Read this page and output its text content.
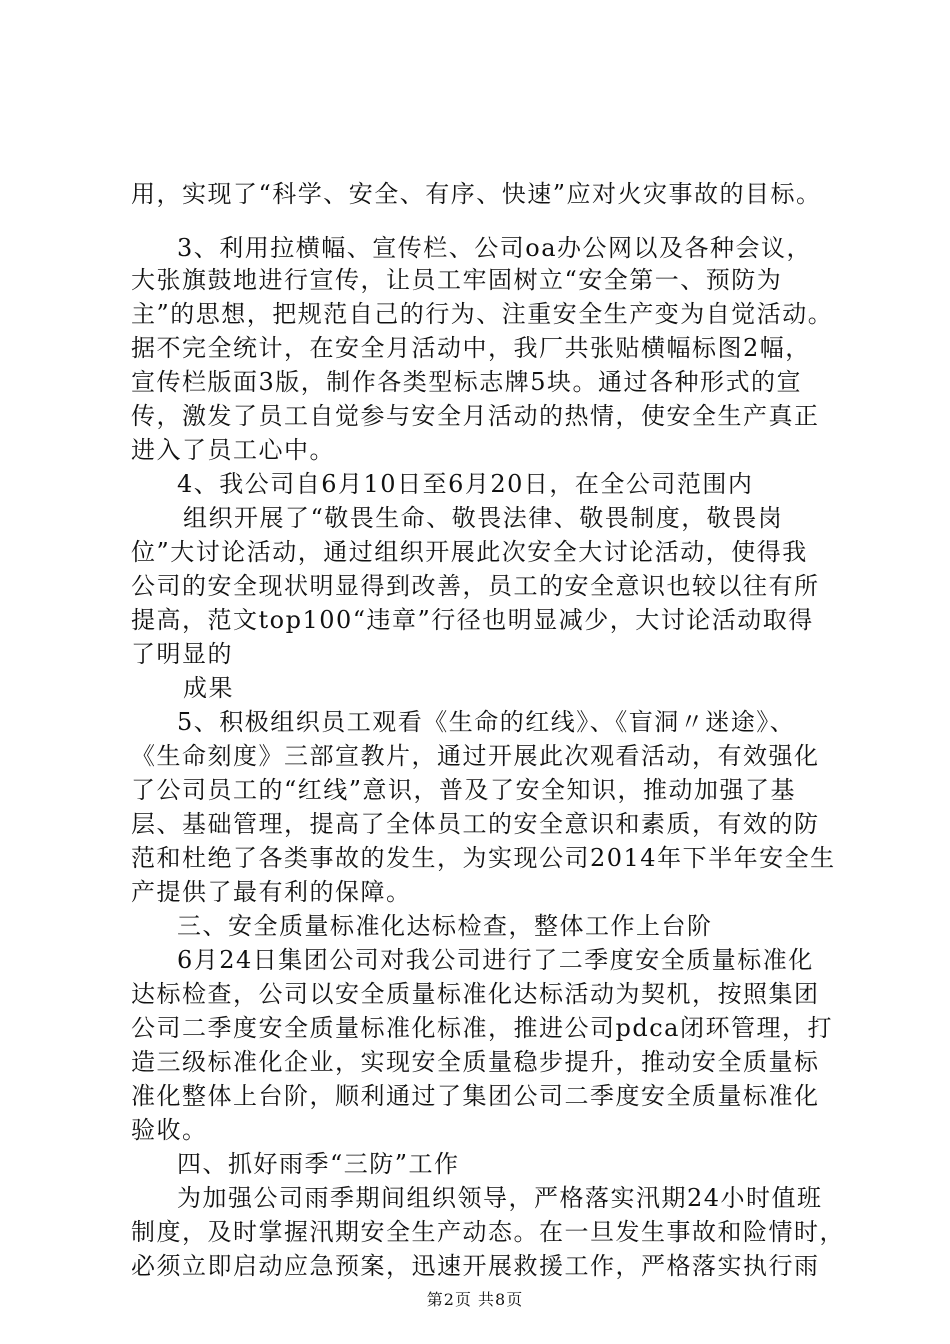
用，实现了“科学、安全、有序、快速”应对火灾事故的目标。
3、利用拉横幅、宣传栏、公司oa办公网以及各种会议，
大张旗鼓地进行宣传，让员工牢固树立“安全第一、预防为
主”的思想，把规范自己的行为、注重安全生产变为自觉活动。
据不完全统计，在安全月活动中，我厂共张贴横幅标图2幅，
宣传栏版面3版，制作各类型标志牌5块。通过各种形式的宣
传，激发了员工自觉参与安全月活动的热情，使安全生产真正
进入了员工心中。
4、我公司自6月10日至6月20日，在全公司范围内
组织开展了“敬畏生命、敬畏法律、敬畏制度，敬畏岗
位”大讨论活动，通过组织开展此次安全大讨论活动，使得我
公司的安全现状明显得到改善，员工的安全意识也较以往有所
提高，范文top100“违章”行径也明显减少，大讨论活动取得
了明显的
成果
5、积极组织员工观看《生命的红线》、《盲洞〃迷途》、
《生命刻度》三部宣教片，通过开展此次观看活动，有效强化
了公司员工的“红线”意识，普及了安全知识，推动加强了基
层、基础管理，提高了全体员工的安全意识和素质，有效的防
范和杜绝了各类事故的发生，为实现公司2014年下半年安全生
产提供了最有利的保障。
三、安全质量标准化达标检查，整体工作上台阶
6月24日集团公司对我公司进行了二季度安全质量标准化
达标检查，公司以安全质量标准化达标活动为契机，按照集团
公司二季度安全质量标准化标准，推进公司pdca闭环管理，打
造三级标准化企业，实现安全质量稳步提升，推动安全质量标
准化整体上台阶，顺利通过了集团公司二季度安全质量标准化
验收。
四、抓好雨季“三防”工作
为加强公司雨季期间组织领导，严格落实汛期24小时值班
制度，及时掌握汛期安全生产动态。在一旦发生事故和险情时，
必须立即启动应急预案，迅速开展救援工作，严格落实执行雨
第2页 共8页
